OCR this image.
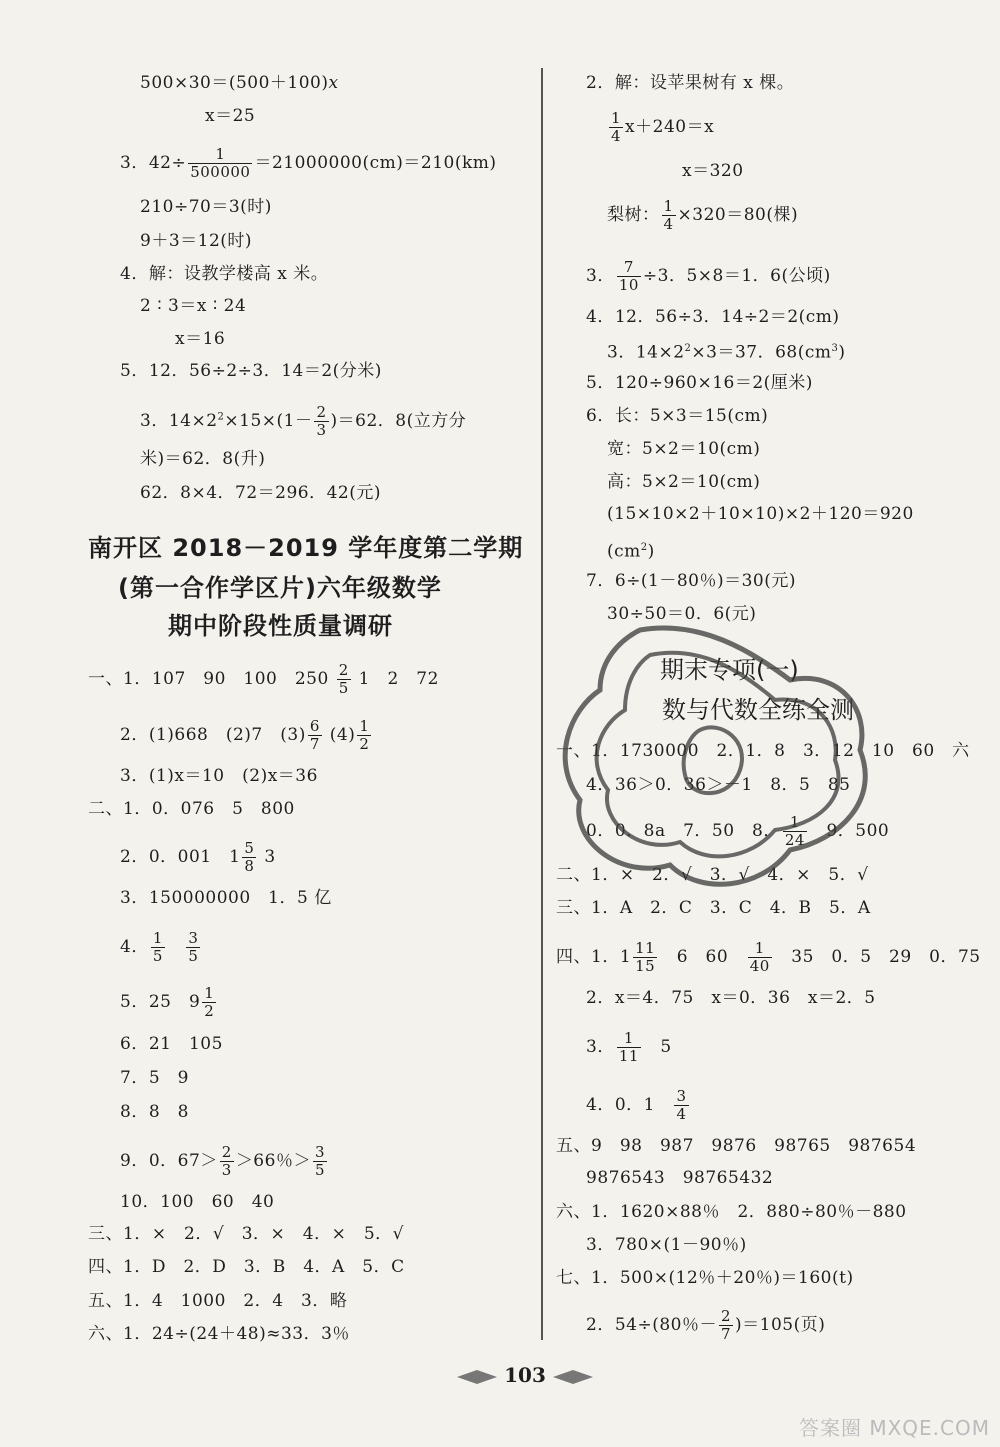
500×30＝(500＋100)x
x＝25
3．$42\div \frac{1}{500000} =21000000(cm)=210(km)$
210÷70＝3(时)
9＋3＝12(时)
4．解：设教学楼高 x 米。
2 ∶ 3＝x ∶ 24
x＝16
5．12．56÷2÷3．14＝2(分米)
3．$14\times 2^2\times 15\times(1- \frac{2}{3} )=62$．8(立方分
米)＝62．8(升)
62．8×4．72＝296．42(元)
南开区 2018－2019 学年度第二学期
(第一合作学区片)六年级数学
期中阶段性质量调研
一、1．107　90　100　$250 \frac{2}{5} 1$　2　72
2．(1)668　(2)7　$(3) \frac{6}{7} (4) \frac{1}{2}$
3．(1)x＝10　(2)x＝36
二、1．0．076　5　800
2．0．001　$1 \frac{5}{8} 3$
3．150000000　1．5 亿
4． $\frac{1}{5}$
　 $\frac{3}{5}$
5．25　$9 \frac{1}{2}$
6．21　105
7．5　9
8．8　8
9．0．$67> \frac{2}{3} >66$％＞ $\frac{3}{5}$
10．100　60　40
三、1．×　2．√　3．×　4．×　5．√
四、1．D　2．D　3．B　4．A　5．C
五、1．4　1000　2．4　3．略
六、1．24÷(24＋48)≈33．3％
2．解：设苹果树有 x 棵。
$\frac{1}{4} x+240=x$
x＝320
梨树： $\frac{1}{4} \times 320=80$(棵)
3． $\frac{7}{10} \div 3$．5×8＝1．6(公顷)
4．12．56÷3．14÷2＝2(cm)
3．$14\times 2^2\times 3=37$．$68(cm^3)$
5．120÷960×16＝2(厘米)
6．长：5×3＝15(cm)
宽：5×2＝10(cm)
高：5×2＝10(cm)
(15×10×2＋10×10)×2＋120＝920
$(cm^2)$
7．6÷(1－80％)＝30(元)
30÷50＝0．6(元)
期末专项(一)
数与代数全练全测
一、1．1730000　2．1．8　3．12　10　60　六
4．36＞0．36＞－1　8．5　85
0．0．8a　7．50　8． $\frac{1}{24}$
　 9．500
二、1．×　2．√　3．√　4．×　5．√
三、1．A　2．C　3．C　4．B　5．A
四、1．$1 \frac{11}{15}$
　 6　60　 $\frac{1}{40}$
　 35　0．5　29　0．75
2．x＝4．75　x＝0．36　x＝2．5
3． $\frac{1}{11}$
　 5
4．0．1　 $\frac{3}{4}$
五、9　98　987　9876　98765　987654
9876543　98765432
六、1．1620×88％　2．880÷80％－880
3．780×(1－90％)
七、1．500×(12％＋20％)＝160(t)
2．54÷(80％－ $\frac{2}{7} )=105$(页)
103
答案圈 MXQE.COM
